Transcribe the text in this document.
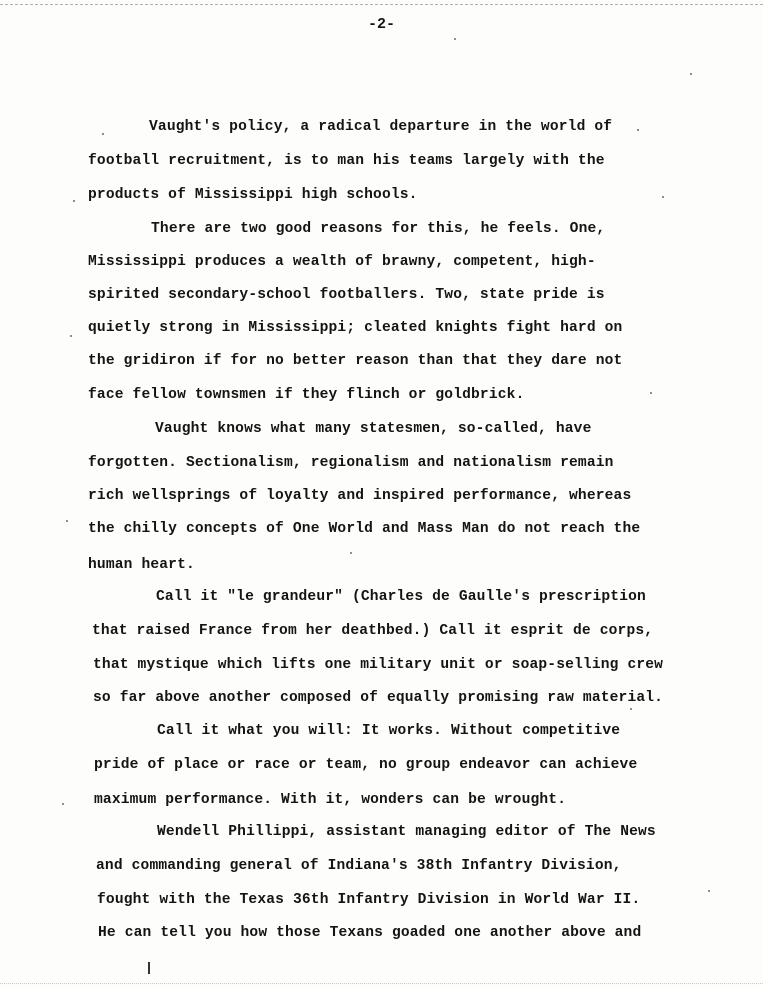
-2-
Vaught's policy, a radical departure in the world of
football recruitment, is to man his teams largely with the
products of Mississippi high schools.
There are two good reasons for this, he feels. One,
Mississippi produces a wealth of brawny, competent, high-
spirited secondary-school footballers. Two, state pride is
quietly strong in Mississippi; cleated knights fight hard on
the gridiron if for no better reason than that they dare not
face fellow townsmen if they flinch or goldbrick.
Vaught knows what many statesmen, so-called, have
forgotten. Sectionalism, regionalism and nationalism remain
rich wellsprings of loyalty and inspired performance, whereas
the chilly concepts of One World and Mass Man do not reach the
human heart.
Call it "le grandeur" (Charles de Gaulle's prescription
that raised France from her deathbed.) Call it esprit de corps,
that mystique which lifts one military unit or soap-selling crew
so far above another composed of equally promising raw material.
Call it what you will: It works. Without competitive
pride of place or race or team, no group endeavor can achieve
maximum performance. With it, wonders can be wrought.
Wendell Phillippi, assistant managing editor of The News
and commanding general of Indiana's 38th Infantry Division,
fought with the Texas 36th Infantry Division in World War II.
He can tell you how those Texans goaded one another above and
